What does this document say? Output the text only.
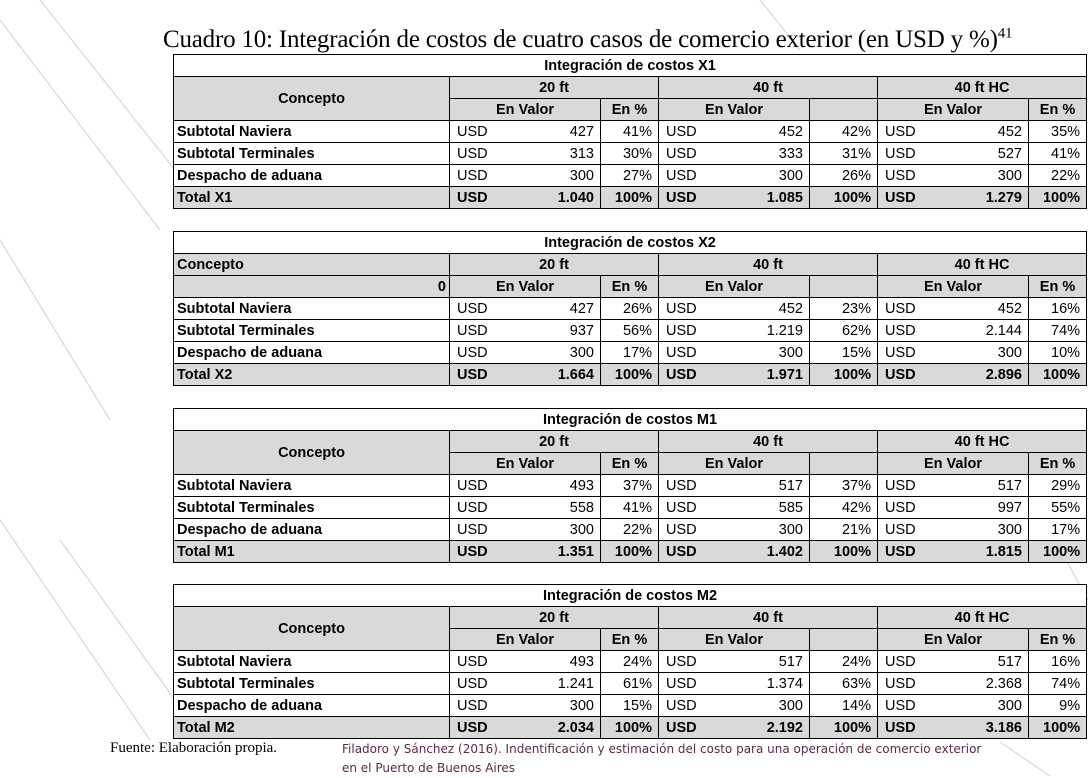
Cuadro 10: Integración de costos de cuatro casos de comercio exterior (en USD y %)$^{41}$
Integración de costos X1									
Concepto	20 ft			40 ft			40 ft HC		
	En Valor		En %	En Valor			En Valor		En %
Subtotal Naviera	USD	427	41%	USD	452	42%	USD	452	35%
Subtotal Terminales	USD	313	30%	USD	333	31%	USD	527	41%
Despacho de aduana	USD	300	27%	USD	300	26%	USD	300	22%
Total X1	USD	1.040	100%	USD	1.085	100%	USD	1.279	100%
Integración de costos X2									
Concepto	20 ft			40 ft			40 ft HC		
0	En Valor		En %	En Valor			En Valor		En %
Subtotal Naviera	USD	427	26%	USD	452	23%	USD	452	16%
Subtotal Terminales	USD	937	56%	USD	1.219	62%	USD	2.144	74%
Despacho de aduana	USD	300	17%	USD	300	15%	USD	300	10%
Total X2	USD	1.664	100%	USD	1.971	100%	USD	2.896	100%
Integración de costos M1									
Concepto	20 ft			40 ft			40 ft HC		
	En Valor		En %	En Valor			En Valor		En %
Subtotal Naviera	USD	493	37%	USD	517	37%	USD	517	29%
Subtotal Terminales	USD	558	41%	USD	585	42%	USD	997	55%
Despacho de aduana	USD	300	22%	USD	300	21%	USD	300	17%
Total M1	USD	1.351	100%	USD	1.402	100%	USD	1.815	100%
Integración de costos M2									
Concepto	20 ft			40 ft			40 ft HC		
	En Valor		En %	En Valor			En Valor		En %
Subtotal Naviera	USD	493	24%	USD	517	24%	USD	517	16%
Subtotal Terminales	USD	1.241	61%	USD	1.374	63%	USD	2.368	74%
Despacho de aduana	USD	300	15%	USD	300	14%	USD	300	9%
Total M2	USD	2.034	100%	USD	2.192	100%	USD	3.186	100%
Fuente: Elaboración propia.	Filadoro y Sánchez (2016). Indentificación y estimación del costo para una operación de comercio exterior
en el Puerto de Buenos Aires
